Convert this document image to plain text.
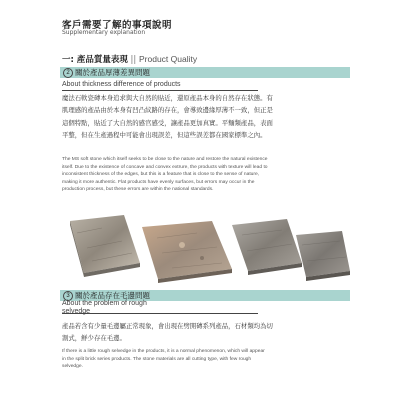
客戶需要了解的事項說明
Supplementary explanation
一: 產品質量表現 || Product Quality
2 關於產品厚薄差異問題
About thickness difference of products
魔法石軟瓷磚本身追求與大自然的貼近，還原產品本身的自然存在狀態。有
肌理感的產品由於本身有凹凸紋路的存在，會導致邊緣厚薄不一致，但正是
這個特點，貼近了大自然的感官感受，讓產品更加真實。平麵類產品，表面
平整，但在生產過程中可能會出現誤差，但這些誤差都在國家標準之內。
The MS soft stone which itself seeks to be close to the nature and restore the natural existence
itself. Due to the existence of concave and convex extrure, the products with texture will lead to
inconsistent thickness of the edges, but this is a feature that is close to the sense of nature,
making it more authentic. Flat products have evenly surfaces, but errors may occur in the
production process, but these errors are within the national standards.
3 關於產品存在毛邊問題
About the problem of rough
selvedge
產品若含有少量毛邊屬正常現象，會出現在劈開磚系列產品，石材類均為切
割式，鮮少存在毛邊。
If there is a little rough selvedge in the products, it is a normal phenomenon, which will appear
in the split brick series products. The stone materials are all cutting type, with few rough
selvedge.
